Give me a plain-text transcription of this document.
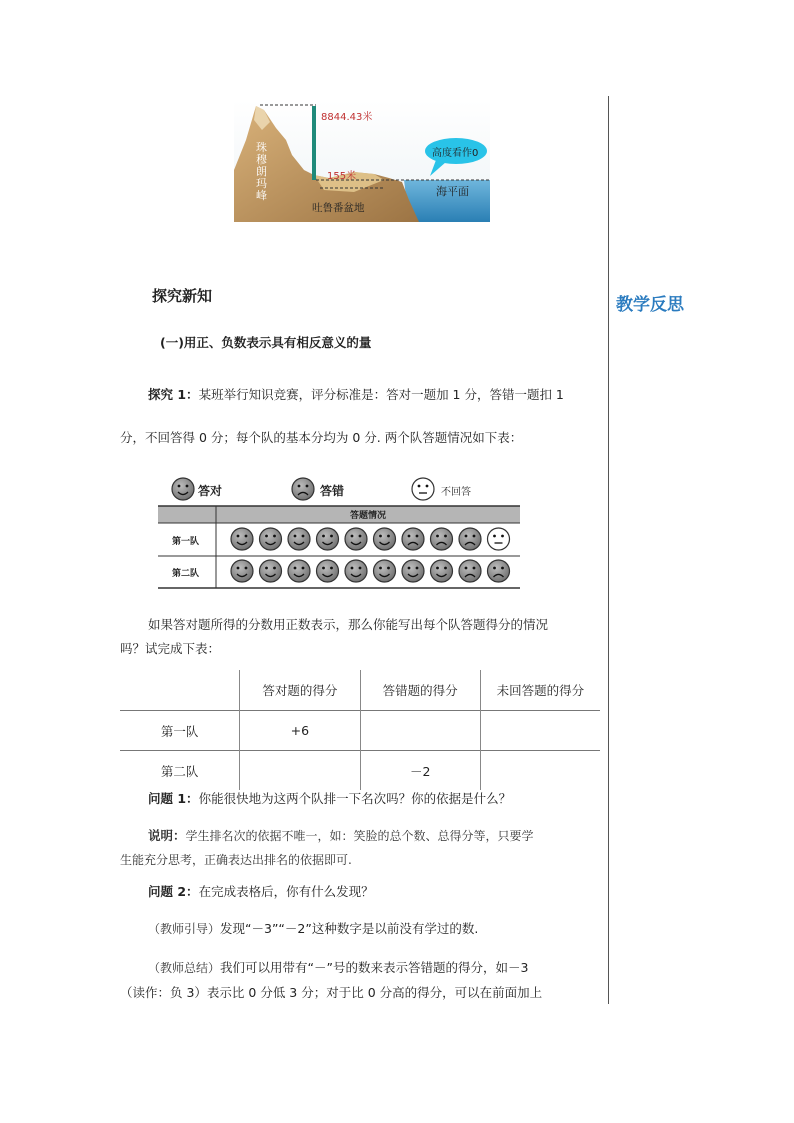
8844.43米
155米
珠穆朗玛峰
吐鲁番盆地
海平面
高度看作0
教学反思
探究新知
(一)用正、负数表示具有相反意义的量
探究 1：某班举行知识竞赛，评分标准是：答对一题加 1 分，答错一题扣 1
分，不回答得 0 分；每个队的基本分均为 0 分. 两个队答题情况如下表：
答对	答错	不回答
答题情况
第一队
第二队
如果答对题所得的分数用正数表示，那么你能写出每个队答题得分的情况
吗？试完成下表：
	答对题的得分	答错题的得分	未回答题的得分
第一队	+6		
第二队		－2	
问题 1：你能很快地为这两个队排一下名次吗？你的依据是什么？
说明：学生排名次的依据不唯一，如：笑脸的总个数、总得分等，只要学
生能充分思考，正确表达出排名的依据即可.
问题 2：在完成表格后，你有什么发现？
（教师引导）发现“－3”“－2”这种数字是以前没有学过的数.
（教师总结）我们可以用带有“－”号的数来表示答错题的得分，如－3
（读作：负 3）表示比 0 分低 3 分；对于比 0 分高的得分，可以在前面加上
